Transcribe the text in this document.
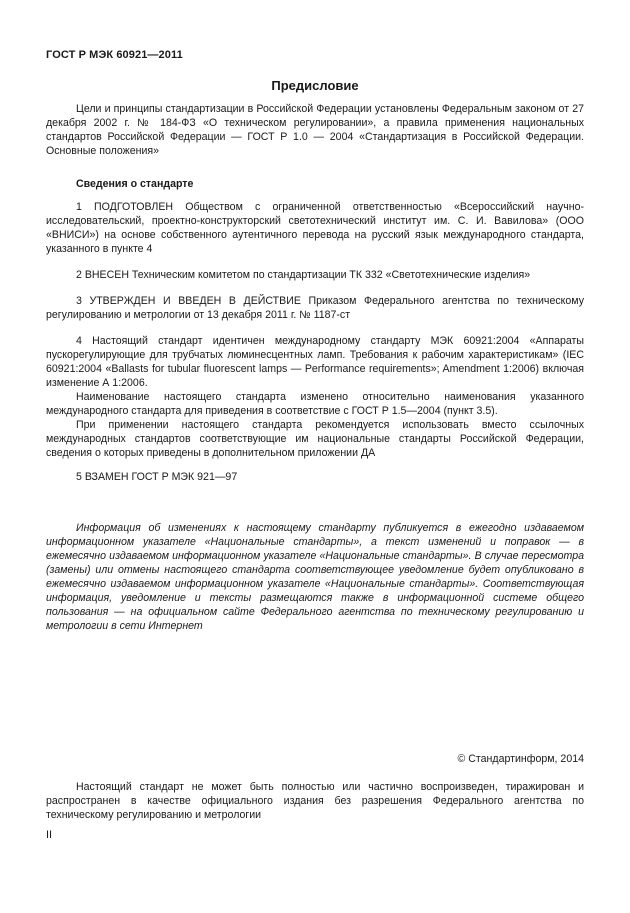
ГОСТ Р МЭК 60921—2011
Предисловие

Цели и принципы стандартизации в Российской Федерации установлены Федеральным законом от 27 декабря 2002 г. № 184-ФЗ «О техническом регулировании», а правила применения национальных стандартов Российской Федерации — ГОСТ Р 1.0 — 2004 «Стандартизация в Российской Федерации. Основные положения»

Сведения о стандарте

1 ПОДГОТОВЛЕН Обществом с ограниченной ответственностью «Всероссийский научно-исследовательский, проектно-конструкторский светотехнический институт им. С. И. Вавилова» (ООО «ВНИСИ») на основе собственного аутентичного перевода на русский язык международного стандарта, указанного в пункте 4

2 ВНЕСЕН Техническим комитетом по стандартизации ТК 332 «Светотехнические изделия»

3 УТВЕРЖДЕН И ВВЕДЕН В ДЕЙСТВИЕ Приказом Федерального агентства по техническому регулированию и метрологии от 13 декабря 2011 г. № 1187-ст

4 Настоящий стандарт идентичен международному стандарту МЭК 60921:2004 «Аппараты пускорегулирующие для трубчатых люминесцентных ламп. Требования к рабочим характеристикам» (IEC 60921:2004 «Ballasts for tubular fluorescent lamps — Performance requirements»; Amendment 1:2006) включая изменение А 1:2006.

Наименование настоящего стандарта изменено относительно наименования указанного международного стандарта для приведения в соответствие с ГОСТ Р 1.5—2004 (пункт 3.5).

При применении настоящего стандарта рекомендуется использовать вместо ссылочных международных стандартов соответствующие им национальные стандарты Российской Федерации, сведения о которых приведены в дополнительном приложении ДА

5 ВЗАМЕН ГОСТ Р МЭК 921—97

Информация об изменениях к настоящему стандарту публикуется в ежегодно издаваемом информационном указателе «Национальные стандарты», а текст изменений и поправок — в ежемесячно издаваемом информационном указателе «Национальные стандарты». В случае пересмотра (замены) или отмены настоящего стандарта соответствующее уведомление будет опубликовано в ежемесячно издаваемом информационном указателе «Национальные стандарты». Соответствующая информация, уведомление и тексты размещаются также в информационной системе общего пользования — на официальном сайте Федерального агентства по техническому регулированию и метрологии в сети Интернет

© Стандартинформ, 2014

Настоящий стандарт не может быть полностью или частично воспроизведен, тиражирован и распространен в качестве официального издания без разрешения Федерального агентства по техническому регулированию и метрологии

II
